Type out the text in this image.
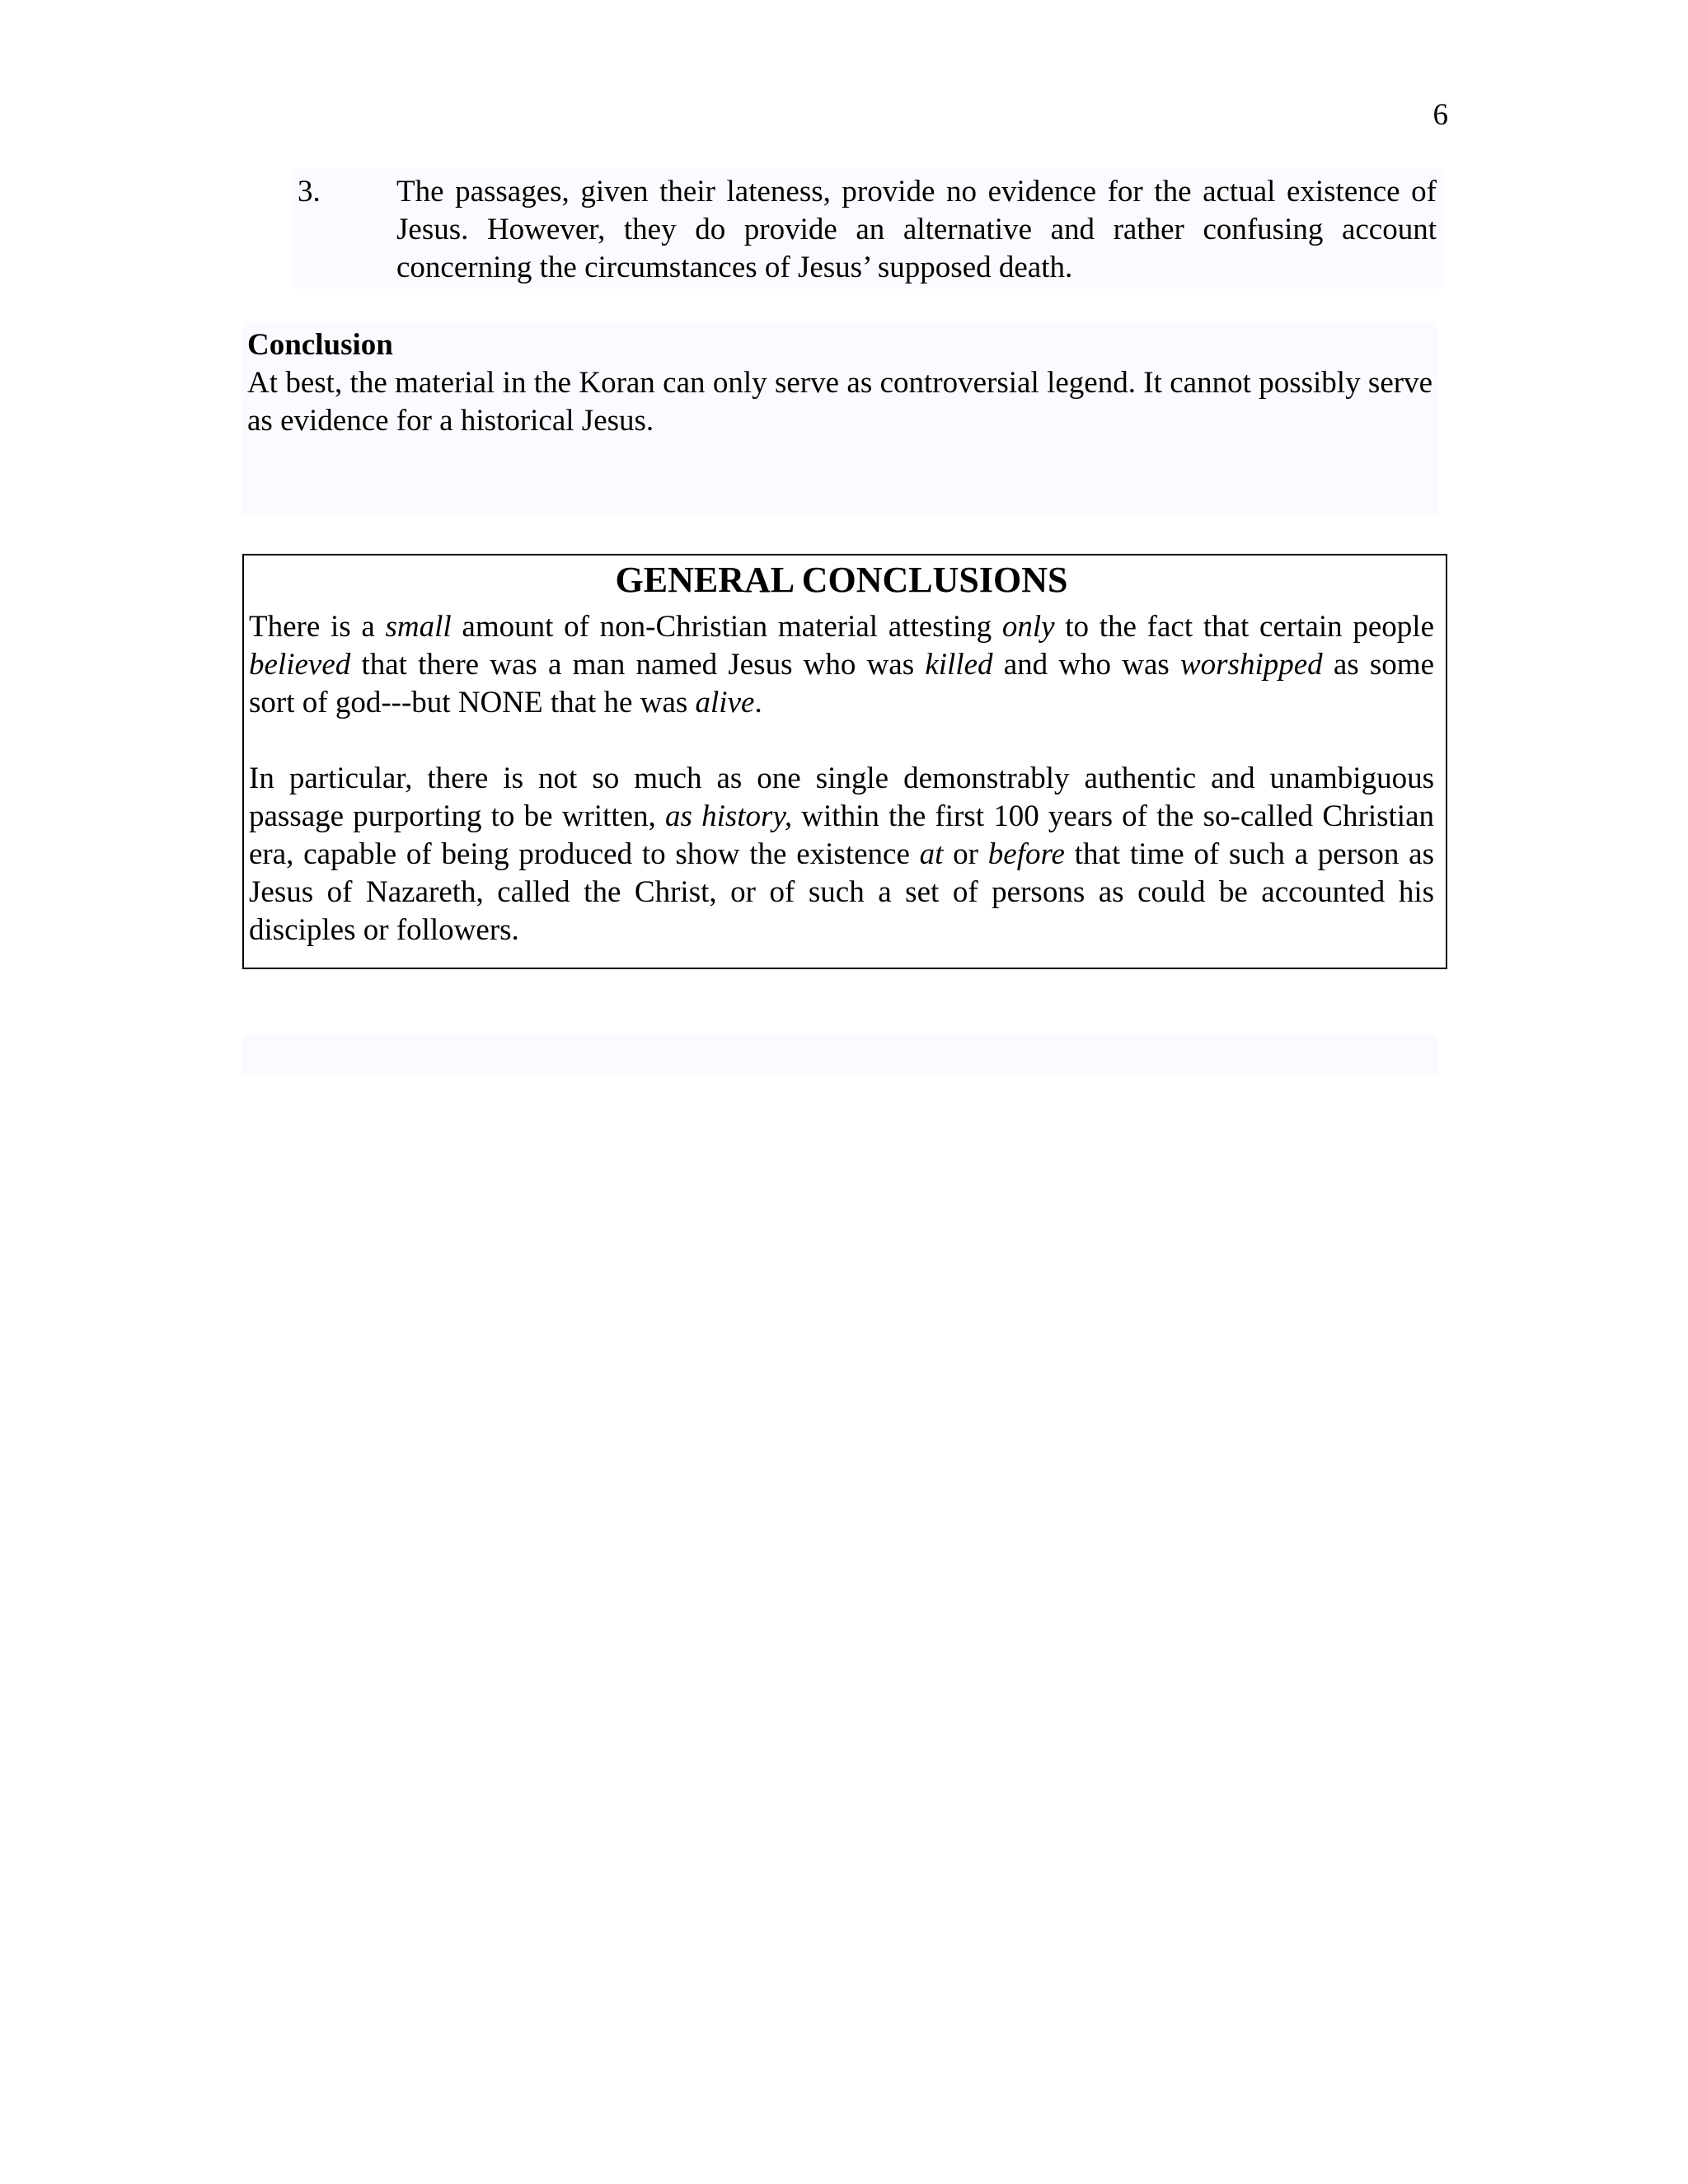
6
3. The passages, given their lateness, provide no evidence for the actual existence of Jesus. However, they do provide an alternative and rather confusing account concerning the circumstances of Jesus’ supposed death.
Conclusion
At best, the material in the Koran can only serve as controversial legend. It cannot possibly serve as evidence for a historical Jesus.
GENERAL CONCLUSIONS

There is a small amount of non-Christian material attesting only to the fact that certain people believed that there was a man named Jesus who was killed and who was worshipped as some sort of god---but NONE that he was alive.

In particular, there is not so much as one single demonstrably authentic and unambiguous passage purporting to be written, as history, within the first 100 years of the so-called Christian era, capable of being produced to show the existence at or before that time of such a person as Jesus of Nazareth, called the Christ, or of such a set of persons as could be accounted his disciples or followers.
